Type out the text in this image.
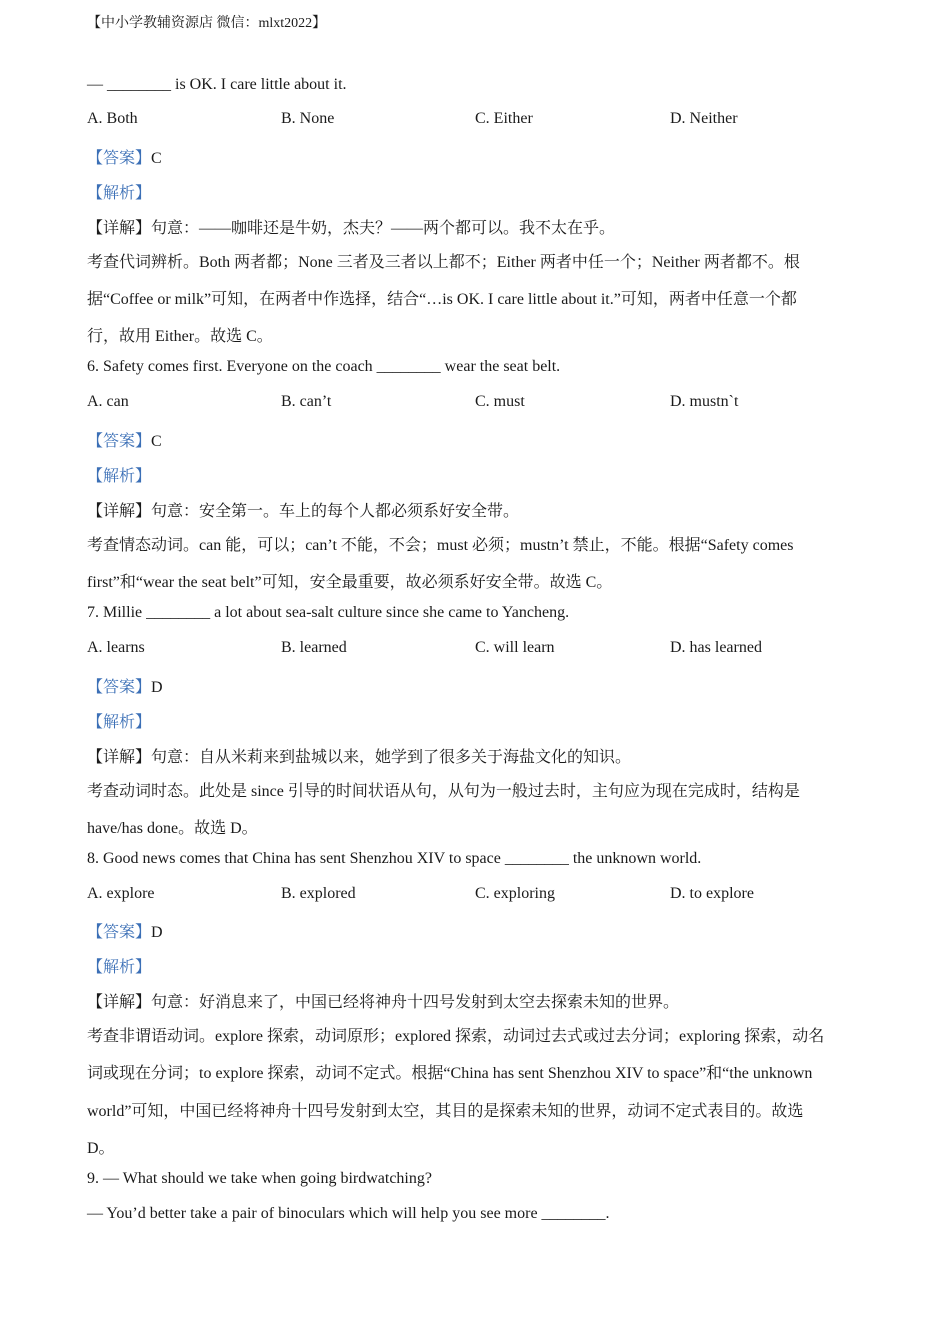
【中小学教辅资源店 微信：mlxt2022】
— ________ is OK. I care little about it.
A. Both	B. None	C. Either	D. Neither
【答案】C
【解析】
【详解】句意：——咖啡还是牛奶，杰夫？——两个都可以。我不太在乎。
考查代词辨析。Both 两者都；None 三者及三者以上都不；Either 两者中任一个；Neither 两者都不。根
据“Coffee or milk”可知，在两者中作选择，结合“…is OK. I care little about it.”可知，两者中任意一个都
行，故用 Either。故选 C。
6. Safety comes first. Everyone on the coach ________ wear the seat belt.
A. can	B. can’t	C. must	D. mustn`t
【答案】C
【解析】
【详解】句意：安全第一。车上的每个人都必须系好安全带。
考查情态动词。can 能，可以；can’t 不能，不会；must 必须；mustn’t 禁止，不能。根据“Safety comes
first”和“wear the seat belt”可知，安全最重要，故必须系好安全带。故选 C。
7. Millie ________ a lot about sea-salt culture since she came to Yancheng.
A. learns	B. learned	C. will learn	D. has learned
【答案】D
【解析】
【详解】句意：自从米莉来到盐城以来，她学到了很多关于海盐文化的知识。
考查动词时态。此处是 since 引导的时间状语从句，从句为一般过去时，主句应为现在完成时，结构是
have/has done。故选 D。
8. Good news comes that China has sent Shenzhou XIV to space ________ the unknown world.
A. explore	B. explored	C. exploring	D. to explore
【答案】D
【解析】
【详解】句意：好消息来了，中国已经将神舟十四号发射到太空去探索未知的世界。
考查非谓语动词。explore 探索，动词原形；explored 探索，动词过去式或过去分词；exploring 探索，动名
词或现在分词；to explore 探索，动词不定式。根据“China has sent Shenzhou XIV to space”和“the unknown
world”可知，中国已经将神舟十四号发射到太空，其目的是探索未知的世界，动词不定式表目的。故选
D。
9. — What should we take when going birdwatching?
— You’d better take a pair of binoculars which will help you see more ________.
